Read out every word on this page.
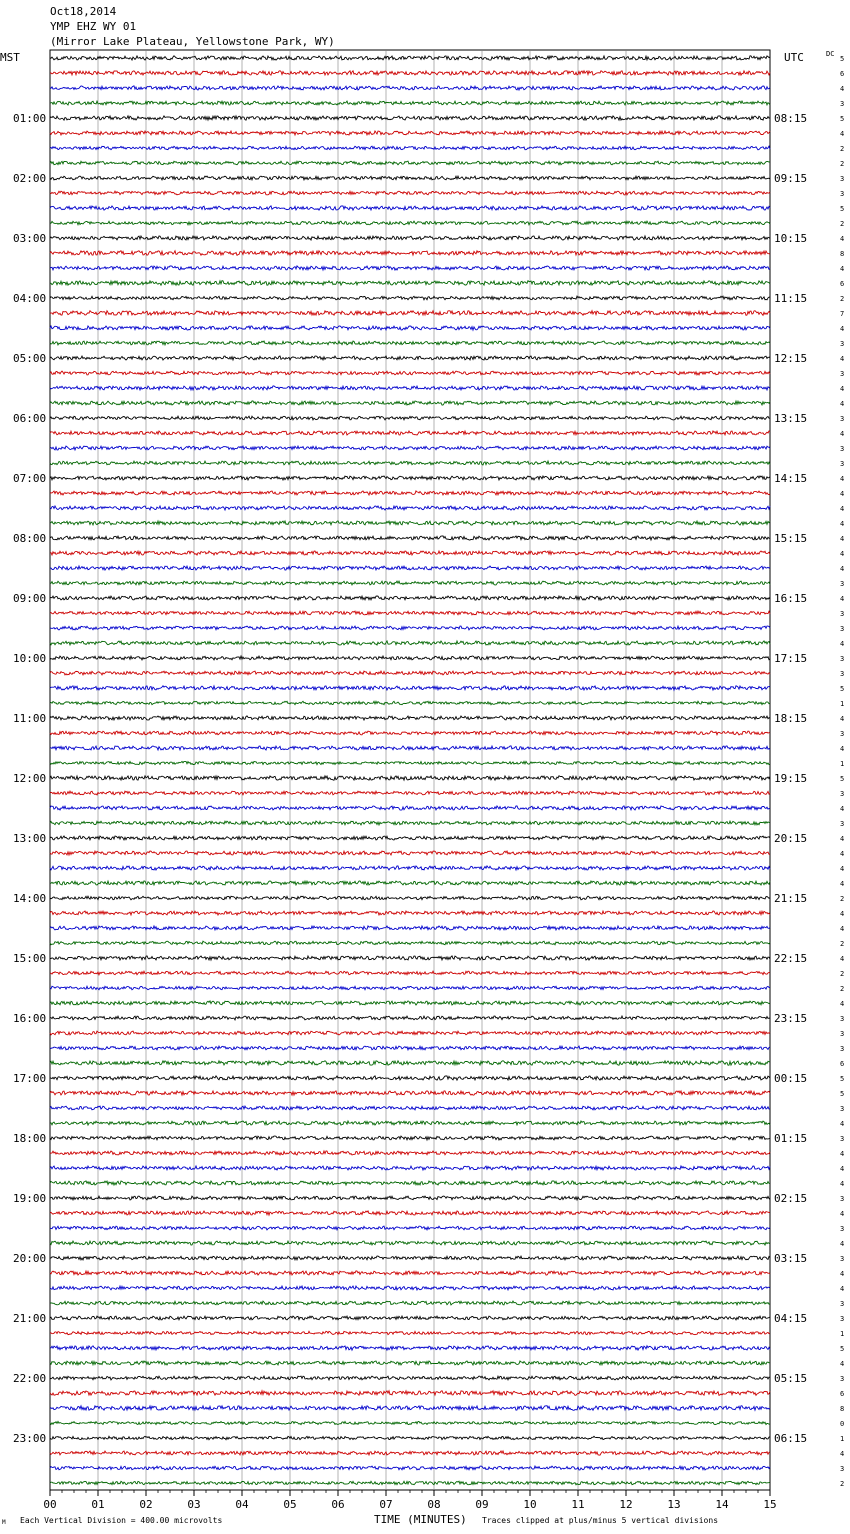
Oct18,2014
YMP EHZ WY 01
(Mirror Lake Plateau, Yellowstone Park, WY)
MST	UTC	DC
01:00
02:00
03:00
04:00
05:00
06:00
07:00
08:00
09:00
10:00
11:00
12:00
13:00
14:00
15:00
16:00
17:00
18:00
19:00
20:00
21:00
22:00
23:00
08:15
09:15
10:15
11:15
12:15
13:15
14:15
15:15
16:15
17:15
18:15
19:15
20:15
21:15
22:15
23:15
00:15
01:15
02:15
03:15
04:15
05:15
06:15
5
6
4
3
5
4
2
2
3
3
5
2
4
8
4
6
2
7
4
3
4
3
4
4
3
4
3
3
4
4
4
4
4
4
4
3
4
3
3
4
3
3
5
1
4
3
4
1
5
3
4
3
4
4
4
4
2
4
4
2
4
2
2
4
3
3
3
6
5
5
3
4
3
4
4
4
3
4
3
4
3
4
4
3
3
1
5
4
3
6
8
0
1
4
3
2
00	01	02	03	04	05	06	07	08	09	10	11	12	13	14	15
M Each Vertical Division = 400.00 microvolts	TIME (MINUTES) Traces clipped at plus/minus 5 vertical divisions
